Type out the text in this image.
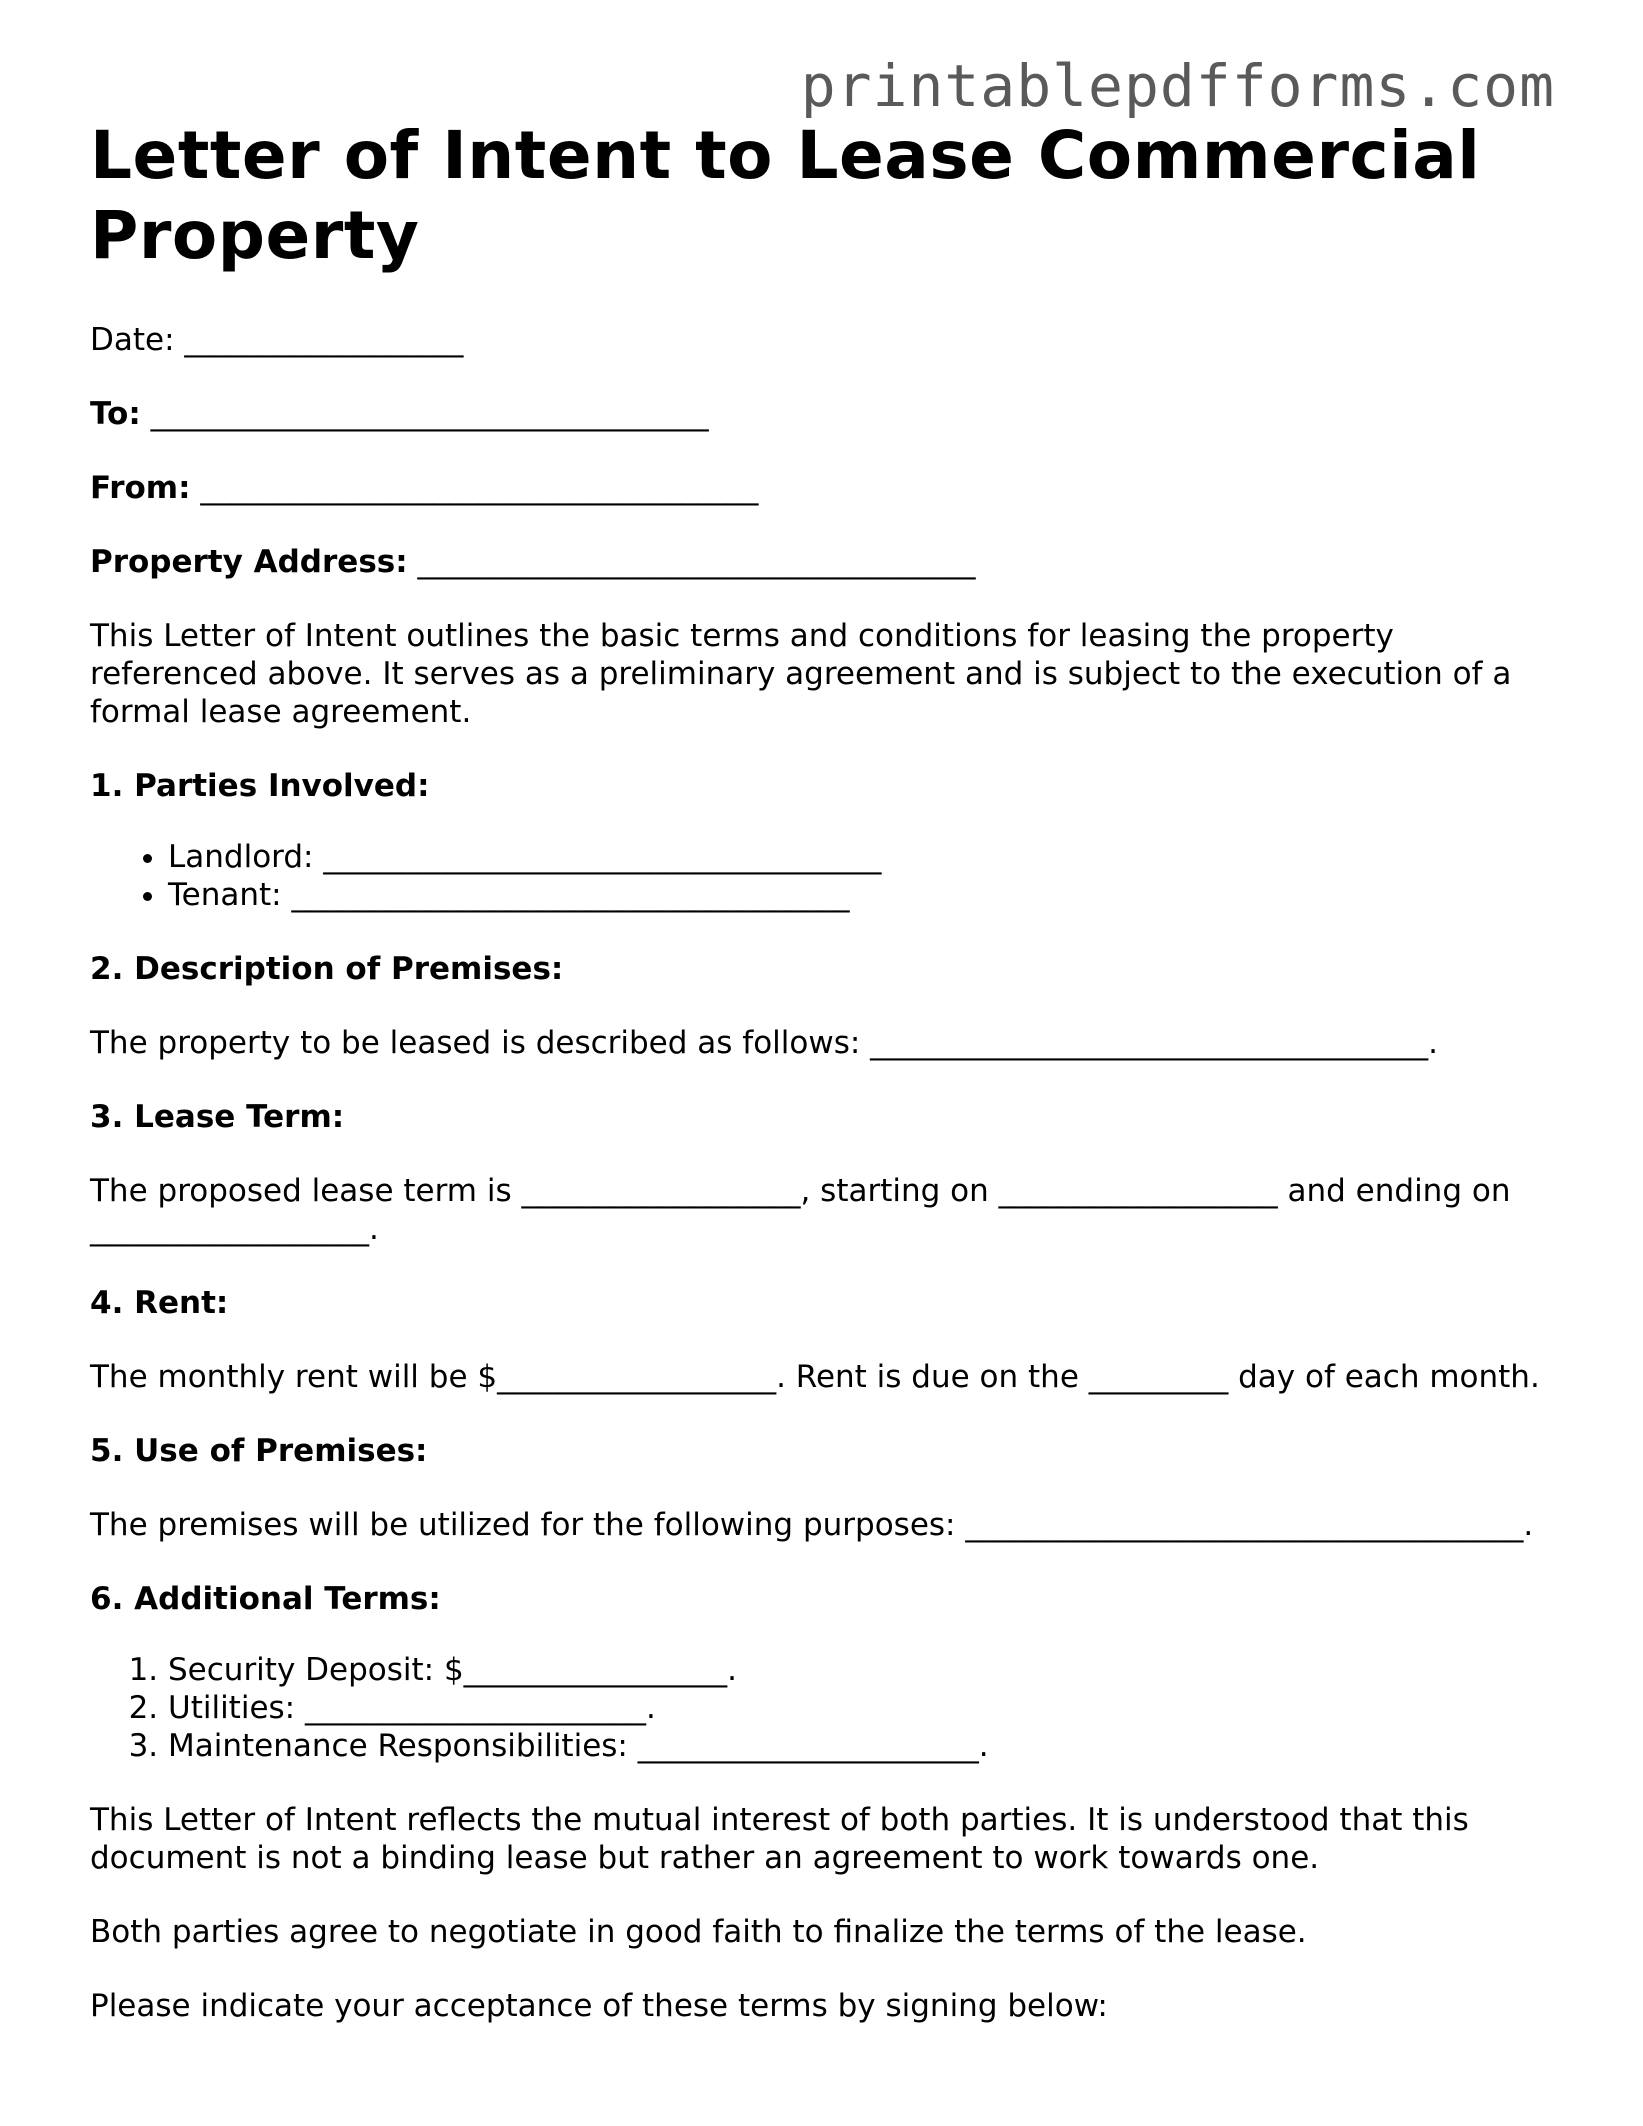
printablepdfforms.com
Letter of Intent to Lease Commercial Property

Date: __________________

To: ____________________________________

From: ____________________________________

Property Address: ____________________________________

This Letter of Intent outlines the basic terms and conditions for leasing the property referenced above. It serves as a preliminary agreement and is subject to the execution of a formal lease agreement.

1. Parties Involved:

• Landlord: ____________________________________
• Tenant: ____________________________________

2. Description of Premises:

The property to be leased is described as follows: ____________________________________.

3. Lease Term:

The proposed lease term is __________________, starting on __________________ and ending on __________________.

4. Rent:

The monthly rent will be $__________________. Rent is due on the _________ day of each month.

5. Use of Premises:

The premises will be utilized for the following purposes: ____________________________________.

6. Additional Terms:

1. Security Deposit: $_________________.
2. Utilities: ______________________.
3. Maintenance Responsibilities: ______________________.

This Letter of Intent reflects the mutual interest of both parties. It is understood that this document is not a binding lease but rather an agreement to work towards one.

Both parties agree to negotiate in good faith to finalize the terms of the lease.

Please indicate your acceptance of these terms by signing below:
